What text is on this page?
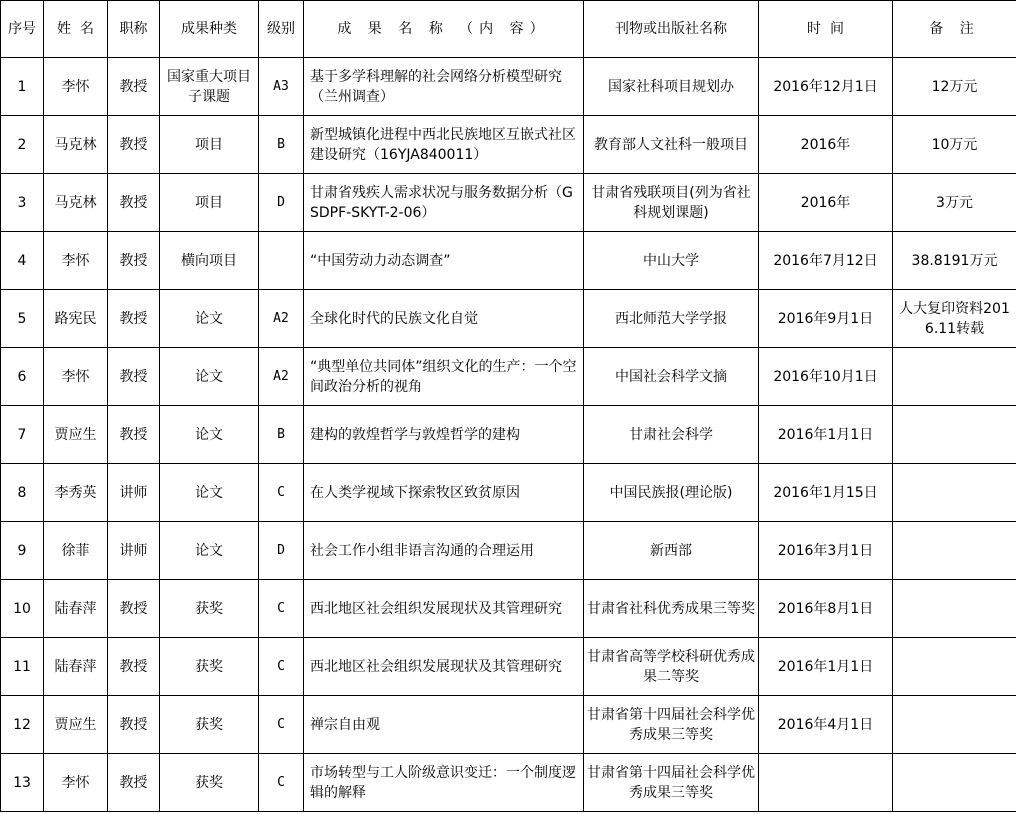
序号	姓  名	职称	成果种类	级别	成 果 名 称 （内 容）	刊物或出版社名称	时  间	备 注
1	李怀	教授	国家重大项目子课题	A3	基于多学科理解的社会网络分析模型研究（兰州调查）	国家社科项目规划办	2016年12月1日	12万元
2	马克林	教授	项目	B	新型城镇化进程中西北民族地区互嵌式社区建设研究（16YJA840011）	教育部人文社科一般项目	2016年	10万元
3	马克林	教授	项目	D	甘肃省残疾人需求状况与服务数据分析（GSDPF-SKYT-2-06）	甘肃省残联项目(列为省社科规划课题)	2016年	3万元
4	李怀	教授	横向项目		“中国劳动力动态调查”	中山大学	2016年7月12日	38.8191万元
5	路宪民	教授	论文	A2	全球化时代的民族文化自觉	西北师范大学学报	2016年9月1日	人大复印资料2016.11转载
6	李怀	教授	论文	A2	“典型单位共同体”组织文化的生产：一个空间政治分析的视角	中国社会科学文摘	2016年10月1日	
7	贾应生	教授	论文	B	建构的敦煌哲学与敦煌哲学的建构	甘肃社会科学	2016年1月1日	
8	李秀英	讲师	论文	C	在人类学视域下探索牧区致贫原因	中国民族报(理论版)	2016年1月15日	
9	徐菲	讲师	论文	D	社会工作小组非语言沟通的合理运用	新西部	2016年3月1日	
10	陆春萍	教授	获奖	C	西北地区社会组织发展现状及其管理研究	甘肃省社科优秀成果三等奖	2016年8月1日	
11	陆春萍	教授	获奖	C	西北地区社会组织发展现状及其管理研究	甘肃省高等学校科研优秀成果二等奖	2016年1月1日	
12	贾应生	教授	获奖	C	禅宗自由观	甘肃省第十四届社会科学优秀成果三等奖	2016年4月1日	
13	李怀	教授	获奖	C	市场转型与工人阶级意识变迁：一个制度逻辑的解释	甘肃省第十四届社会科学优秀成果三等奖		
